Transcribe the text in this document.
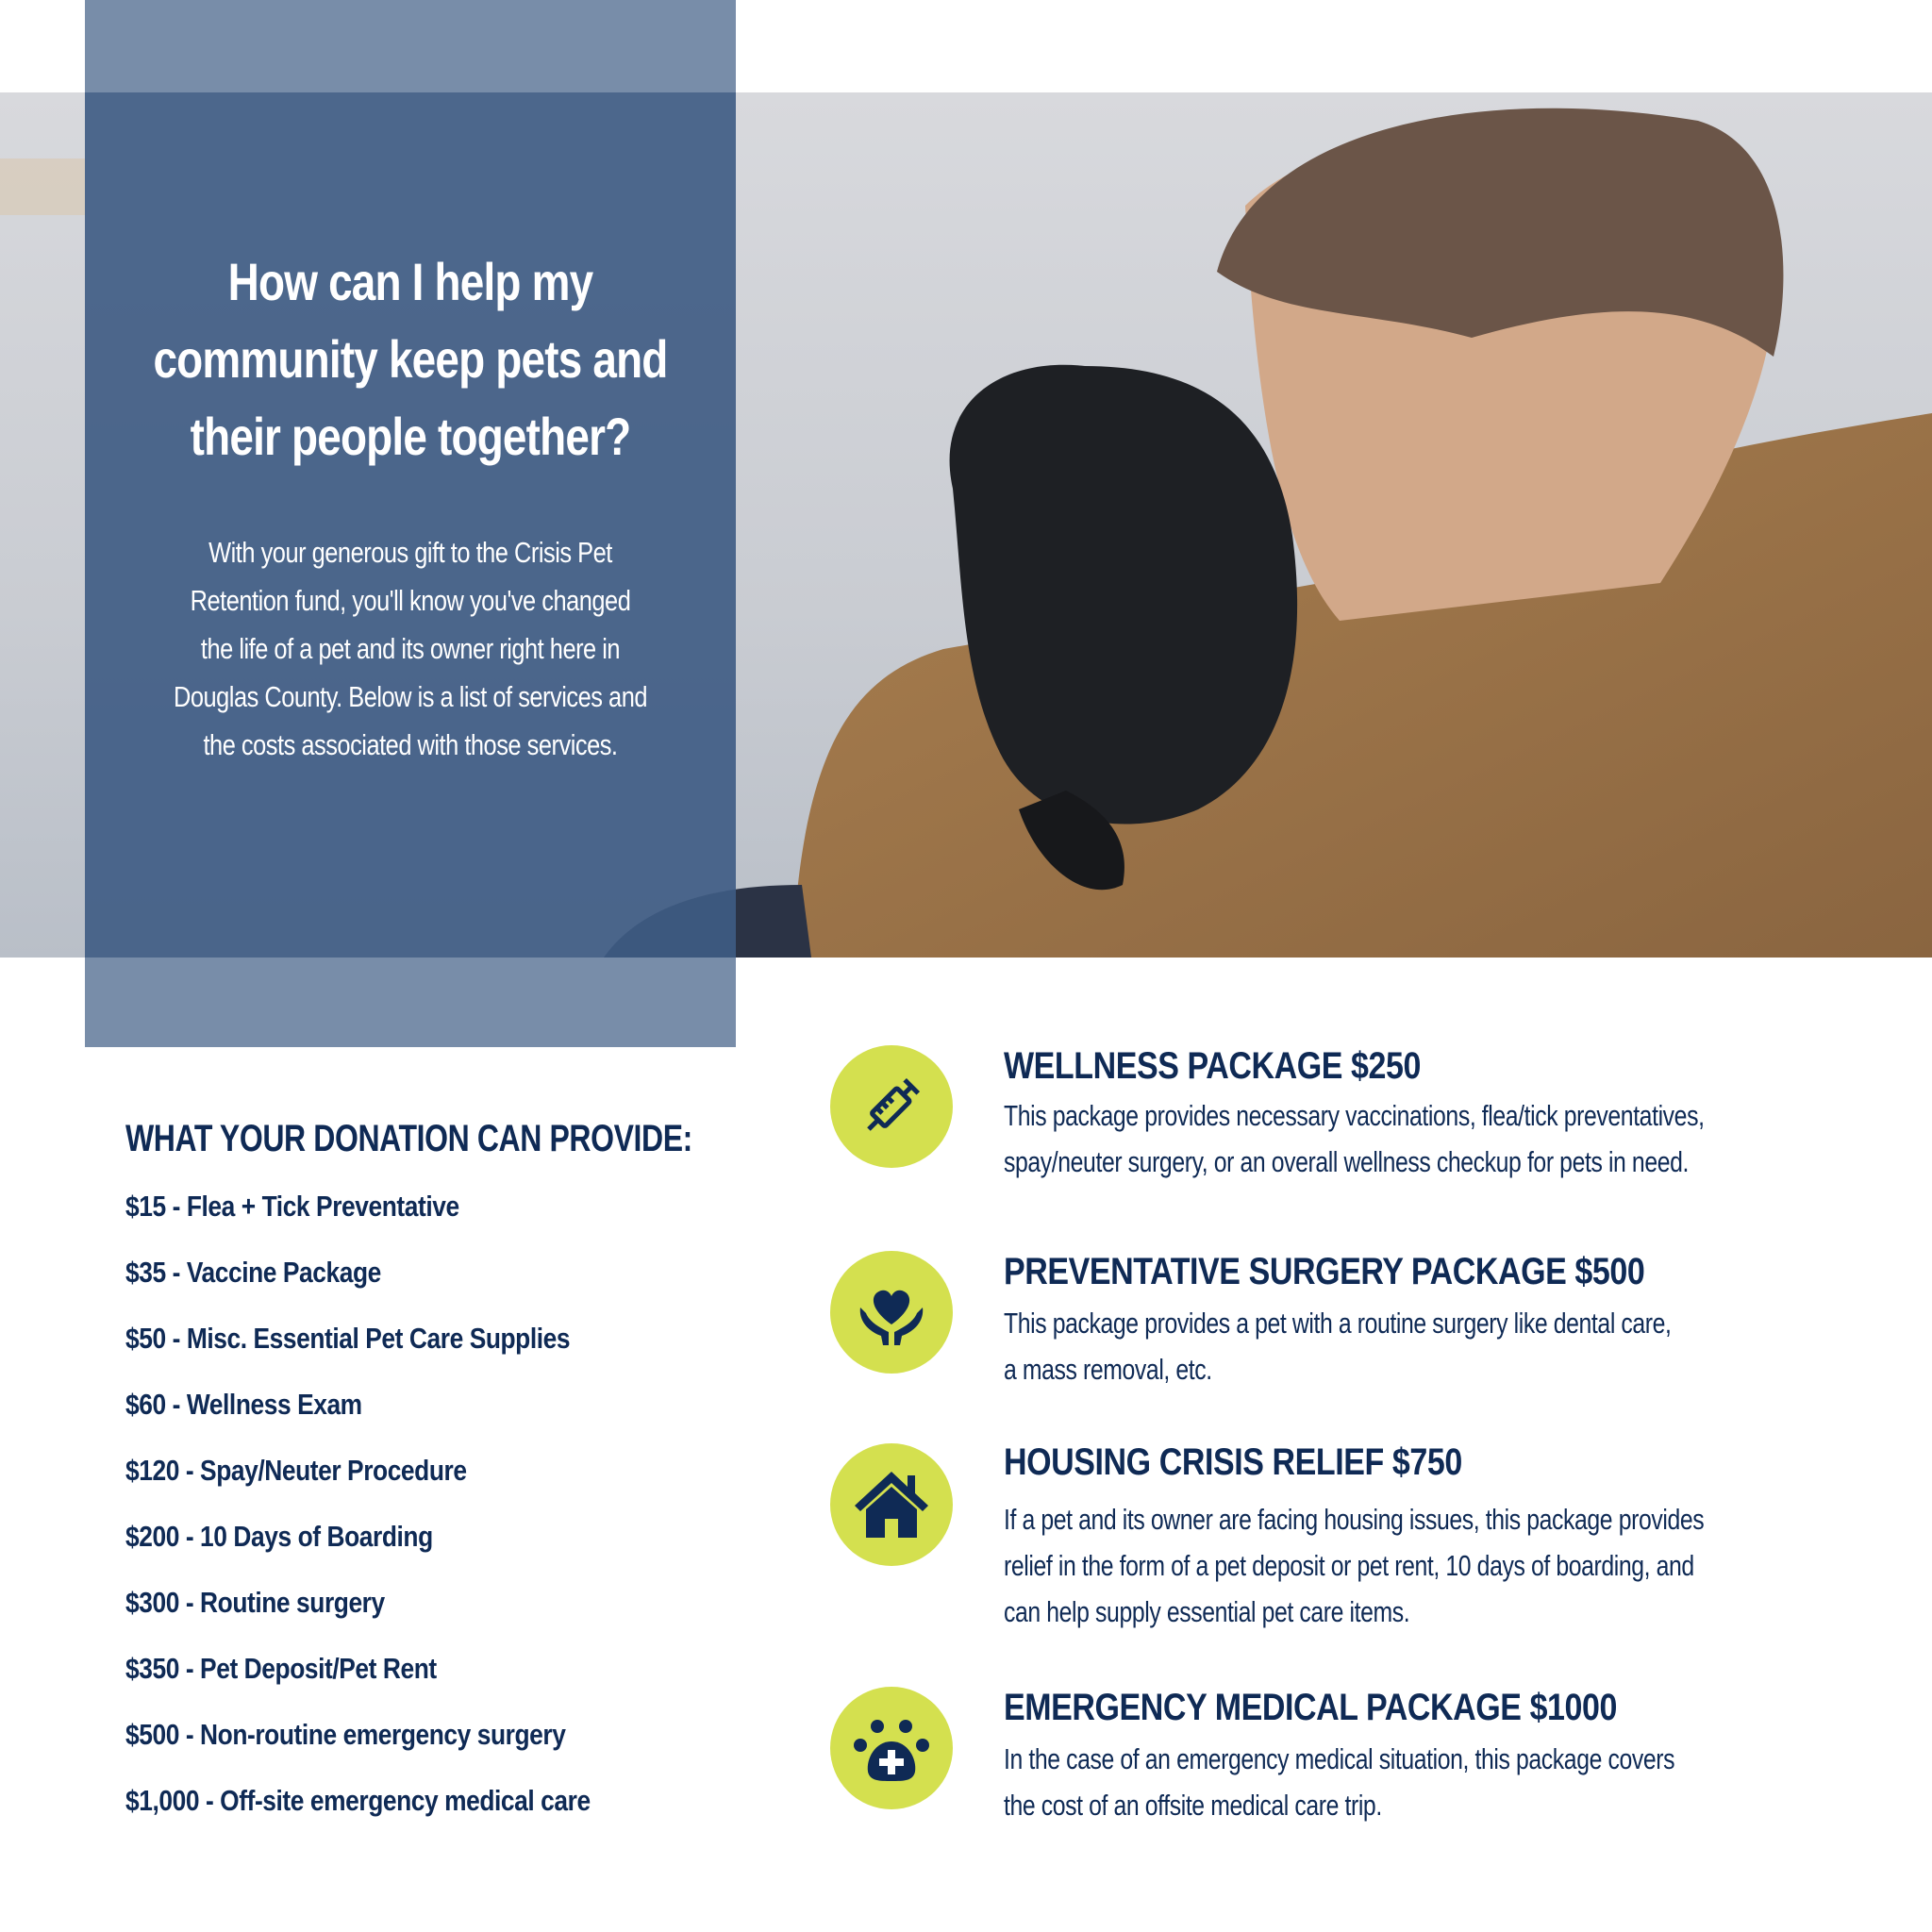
How can I help my
community keep pets and
their people together?
With your generous gift to the Crisis Pet
Retention fund, you'll know you've changed
the life of a pet and its owner right here in
Douglas County. Below is a list of services and
the costs associated with those services.
WHAT YOUR DONATION CAN PROVIDE:
$15 - Flea + Tick Preventative
$35 - Vaccine Package
$50 - Misc. Essential Pet Care Supplies
$60 - Wellness Exam
$120 - Spay/Neuter Procedure
$200 - 10 Days of Boarding
$300 - Routine surgery
$350 - Pet Deposit/Pet Rent
$500 - Non-routine emergency surgery
$1,000 - Off-site emergency medical care
WELLNESS PACKAGE $250
This package provides necessary vaccinations, flea/tick preventatives,
spay/neuter surgery, or an overall wellness checkup for pets in need.
PREVENTATIVE SURGERY PACKAGE $500
This package provides a pet with a routine surgery like dental care,
a mass removal, etc.
HOUSING CRISIS RELIEF $750
If a pet and its owner are facing housing issues, this package provides
relief in the form of a pet deposit or pet rent, 10 days of boarding, and
can help supply essential pet care items.
EMERGENCY MEDICAL PACKAGE $1000
In the case of an emergency medical situation, this package covers
the cost of an offsite medical care trip.
